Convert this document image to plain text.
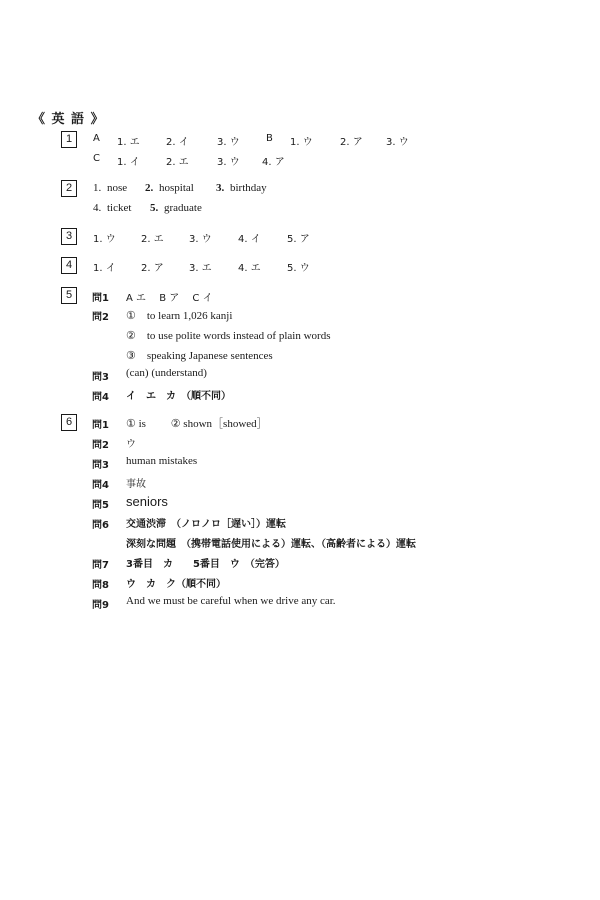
《 英 語 》
1	A 1. エ	2. イ	3. ウ	B 1. ウ	2. ア 3. ウ
C 1. イ	2. エ	3. ウ 4. ア
2	1. nose 2. hospital 3. birthday
4. ticket 5. graduate
3	1. ウ	2. エ	3. ウ	4. イ	5. ア
4	1. イ	2. ア	3. エ	4. エ	5. ウ
5	問1 A エ　 B ア　 C イ
問2 ①　to learn 1,026 kanji
②　to use polite words instead of plain words
③　speaking Japanese sentences
問3 (can) (understand)
問4 イ　エ　カ　（順不同）
6	問1 ① is　　 ② shown［showed］
問2 ウ
問3 human mistakes
問4 事故
問5 seniors
問6 交通渋滞　（ノロノロ［遅い］）運転
深刻な問題　（携帯電話使用による）運転、（高齢者による）運転
問7 3番目　カ　　5番目　ウ　（完答）
問8 ウ　カ　ク（順不同）
問9 And we must be careful when we drive any car.
